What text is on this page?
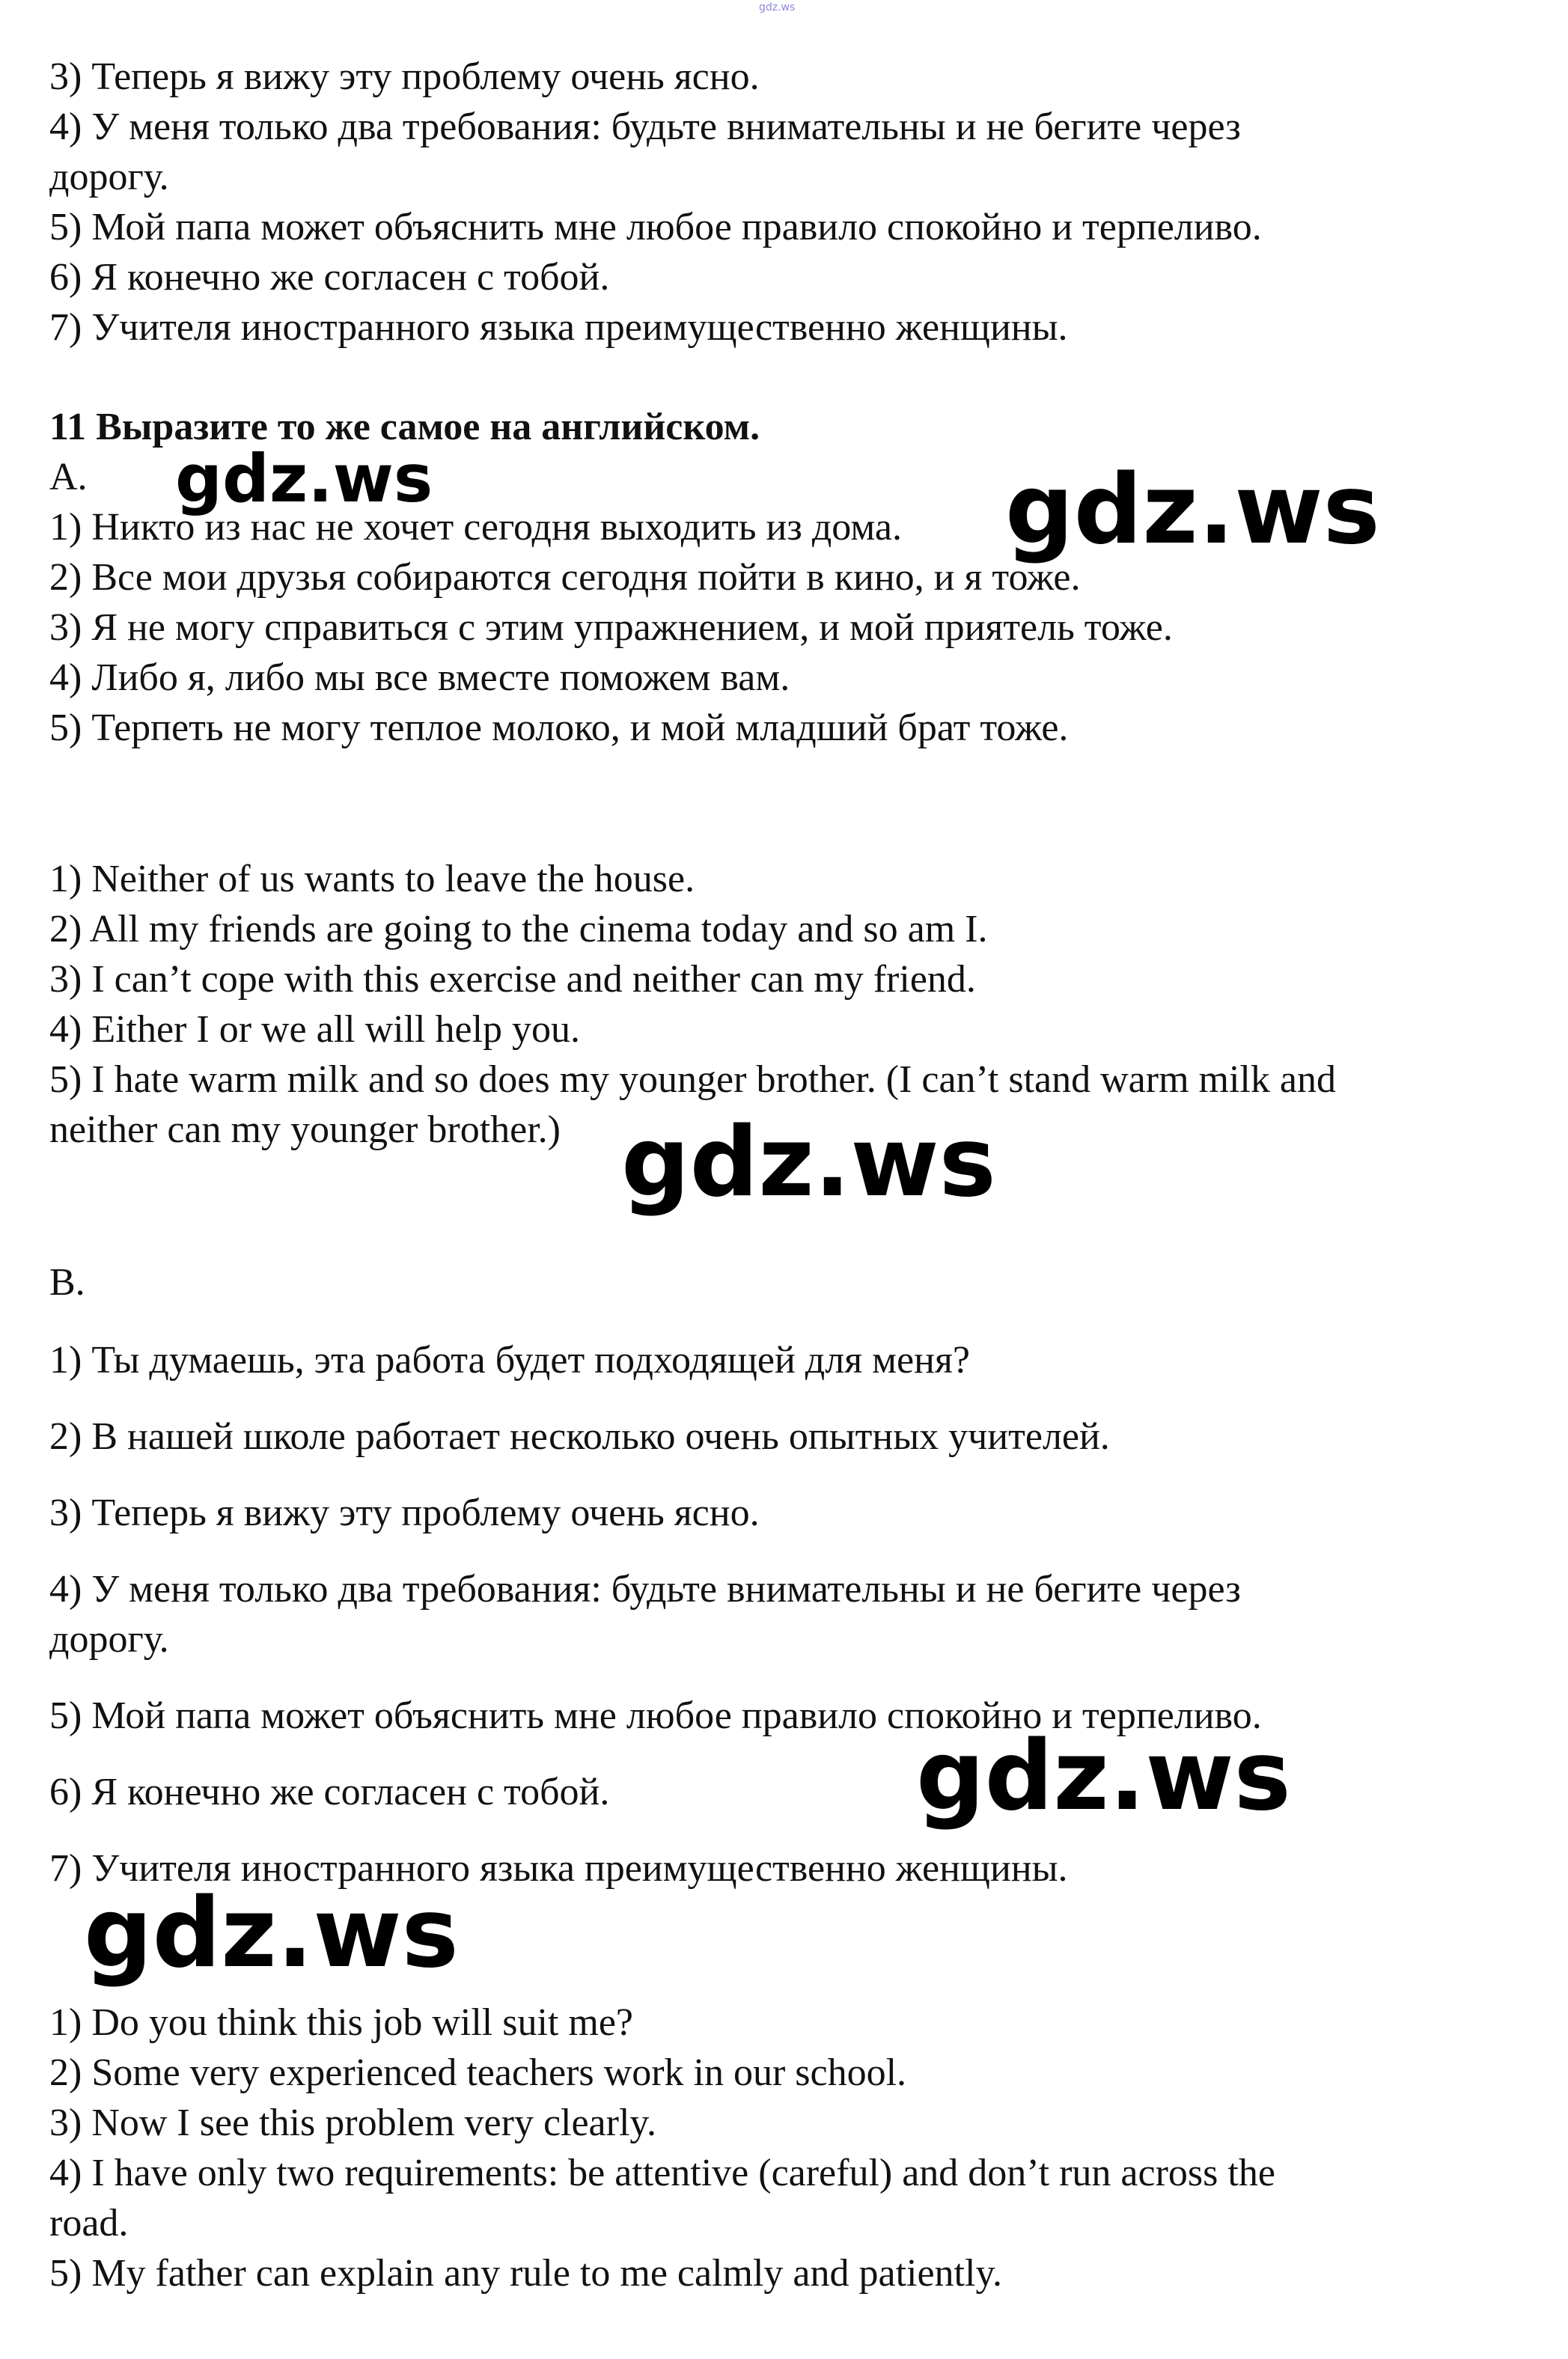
gdz.ws
3) Теперь я вижу эту проблему очень ясно.
4) У меня только два требования: будьте внимательны и не бегите через
дорогу.
5) Мой папа может объяснить мне любое правило спокойно и терпеливо.
6) Я конечно же согласен с тобой.
7) Учителя иностранного языка преимущественно женщины.
11 Выразите то же самое на английском.
A.
1) Никто из нас не хочет сегодня выходить из дома.
2) Все мои друзья собираются сегодня пойти в кино, и я тоже.
3) Я не могу справиться с этим упражнением, и мой приятель тоже.
4) Либо я, либо мы все вместе поможем вам.
5) Терпеть не могу теплое молоко, и мой младший брат тоже.
1) Neither of us wants to leave the house.
2) All my friends are going to the cinema today and so am I.
3) I can’t cope with this exercise and neither can my friend.
4) Either I or we all will help you.
5) I hate warm milk and so does my younger brother. (I can’t stand warm milk and
neither can my younger brother.)
B.
1) Ты думаешь, эта работа будет подходящей для меня?
2) В нашей школе работает несколько очень опытных учителей.
3) Теперь я вижу эту проблему очень ясно.
4) У меня только два требования: будьте внимательны и не бегите через
дорогу.
5) Мой папа может объяснить мне любое правило спокойно и терпеливо.
6) Я конечно же согласен с тобой.
7) Учителя иностранного языка преимущественно женщины.
1) Do you think this job will suit me?
2) Some very experienced teachers work in our school.
3) Now I see this problem very clearly.
4) I have only two requirements: be attentive (careful) and don’t run across the
road.
5) My father can explain any rule to me calmly and patiently.
gdz.ws	gdz.ws
gdz.ws
gdz.ws
gdz.ws
